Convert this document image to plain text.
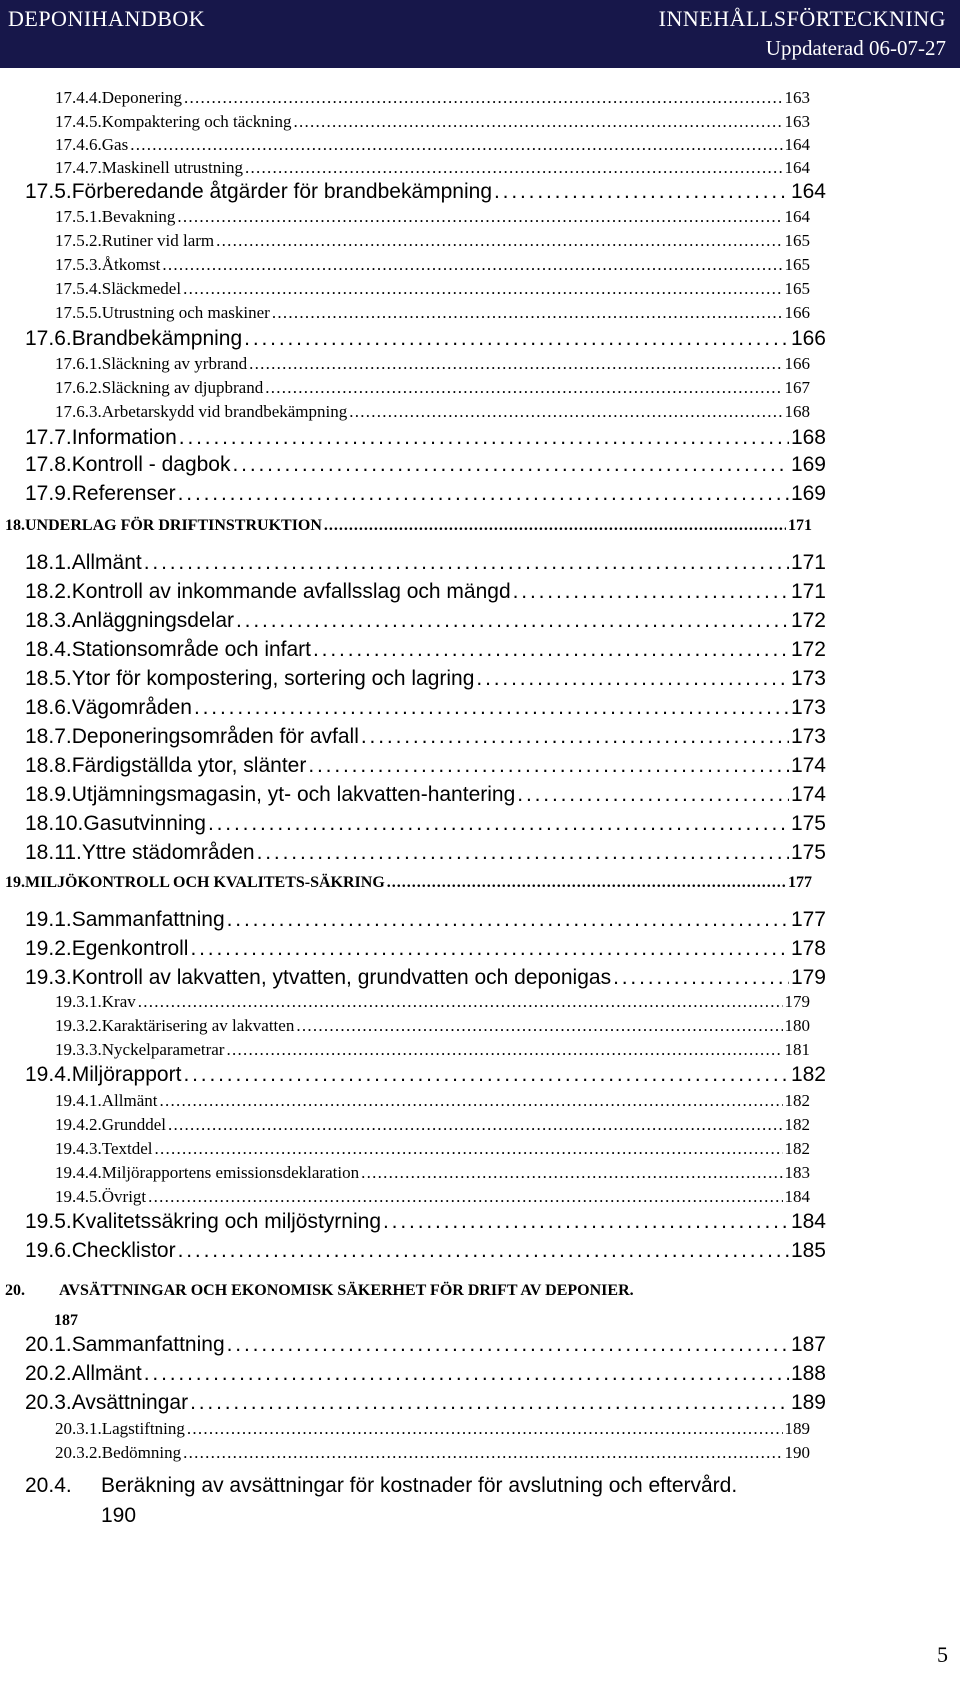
DEPONIHANDBOK	INNEHÅLLSFÖRTECKNING
Uppdaterad 06-07-27
17.4.4. Deponering . . .	163
17.4.5. Kompaktering och täckning . . .	163
17.4.6. Gas . . .	164
17.4.7. Maskinell utrustning . . .	164
17.5. Förberedande åtgärder för brandbekämpning . . .	164
17.5.1. Bevakning . . .	164
17.5.2. Rutiner vid larm . . .	165
17.5.3. Åtkomst . . .	165
17.5.4. Släckmedel . . .	165
17.5.5. Utrustning och maskiner . . .	166
17.6. Brandbekämpning . . .	166
17.6.1. Släckning av yrbrand . . .	166
17.6.2. Släckning av djupbrand . . .	167
17.6.3. Arbetarskydd vid brandbekämpning . . .	168
17.7. Information . . .	168
17.8. Kontroll - dagbok . . .	169
17.9. Referenser . . .	169
18. UNDERLAG FÖR DRIFTINSTRUKTION . . .	171
18.1. Allmänt . . .	171
18.2. Kontroll av inkommande avfallsslag och mängd . . .	171
18.3. Anläggningsdelar . . .	172
18.4. Stationsområde och infart . . .	172
18.5. Ytor för kompostering, sortering och lagring . . .	173
18.6. Vägområden . . .	173
18.7. Deponeringsområden för avfall . . .	173
18.8. Färdigställda ytor, slänter . . .	174
18.9. Utjämningsmagasin, yt- och lakvatten-hantering . . .	174
18.10. Gasutvinning . . .	175
18.11. Yttre städområden . . .	175
19. MILJÖKONTROLL OCH KVALITETS-SÄKRING . . .	177
19.1. Sammanfattning . . .	177
19.2. Egenkontroll . . .	178
19.3. Kontroll av lakvatten, ytvatten, grundvatten och deponigas . . .	179
19.3.1. Krav . . .	179
19.3.2. Karaktärisering av lakvatten . . .	180
19.3.3. Nyckelparametrar . . .	181
19.4. Miljörapport . . .	182
19.4.1. Allmänt . . .	182
19.4.2. Grunddel . . .	182
19.4.3. Textdel . . .	182
19.4.4. Miljörapportens emissionsdeklaration . . .	183
19.4.5. Övrigt . . .	184
19.5. Kvalitetssäkring och miljöstyrning . . .	184
19.6. Checklistor . . .	185
20. AVSÄTTNINGAR OCH EKONOMISK SÄKERHET FÖR DRIFT AV DEPONIER.
187
20.1. Sammanfattning . . .	187
20.2. Allmänt . . .	188
20.3. Avsättningar . . .	189
20.3.1. Lagstiftning . . .	189
20.3.2. Bedömning . . .	190
20.4. Beräkning av avsättningar för kostnader för avslutning och eftervård.
190
5
